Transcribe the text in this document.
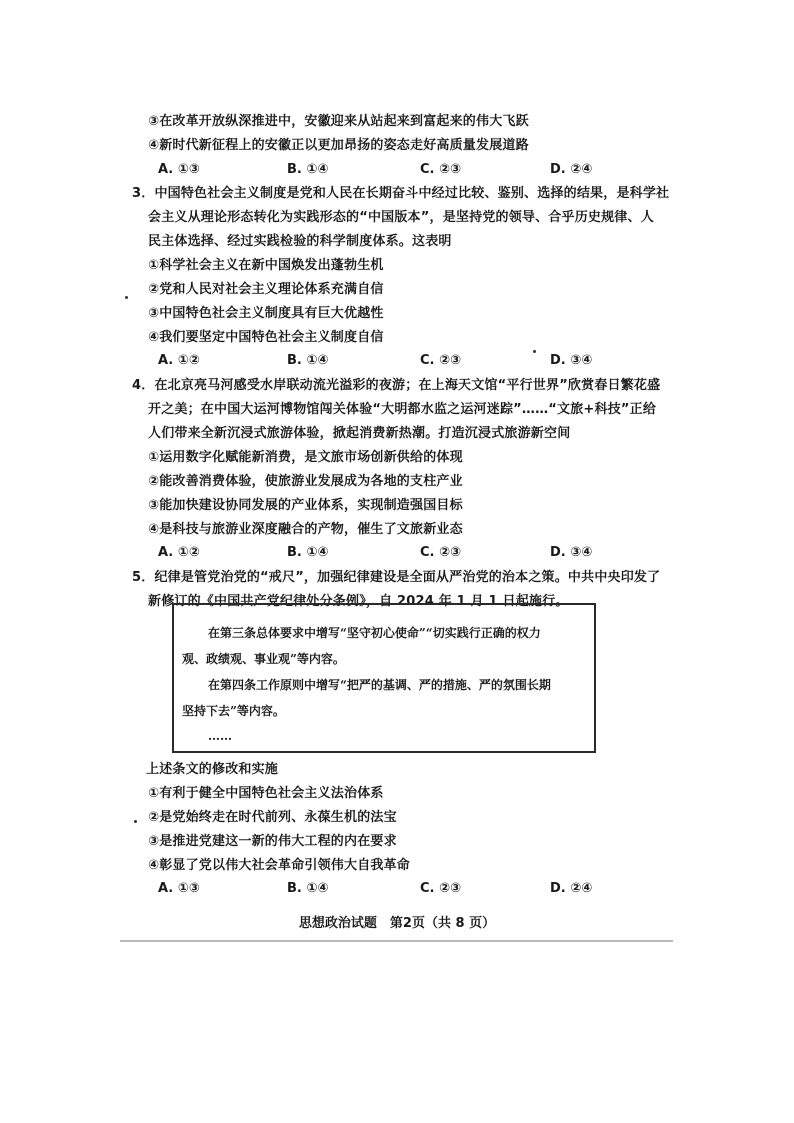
③在改革开放纵深推进中，安徽迎来从站起来到富起来的伟大飞跃
④新时代新征程上的安徽正以更加昂扬的姿态走好高质量发展道路
A. ①③	B. ①④	C. ②③	D. ②④
3．中国特色社会主义制度是党和人民在长期奋斗中经过比较、鉴别、选择的结果，是科学社
会主义从理论形态转化为实践形态的“中国版本”，是坚持党的领导、合乎历史规律、人
民主体选择、经过实践检验的科学制度体系。这表明
①科学社会主义在新中国焕发出蓬勃生机
②党和人民对社会主义理论体系充满自信
③中国特色社会主义制度具有巨大优越性
④我们要坚定中国特色社会主义制度自信
A. ①②	B. ①④	C. ②③	D. ③④
4．在北京亮马河感受水岸联动流光溢彩的夜游；在上海天文馆“平行世界”欣赏春日繁花盛
开之美；在中国大运河博物馆闯关体验“大明都水监之运河迷踪”……“文旅+科技”正给
人们带来全新沉浸式旅游体验，掀起消费新热潮。打造沉浸式旅游新空间
①运用数字化赋能新消费，是文旅市场创新供给的体现
②能改善消费体验，使旅游业发展成为各地的支柱产业
③能加快建设协同发展的产业体系，实现制造强国目标
④是科技与旅游业深度融合的产物，催生了文旅新业态
A. ①②	B. ①④	C. ②③	D. ③④
5．纪律是管党治党的“戒尺”，加强纪律建设是全面从严治党的治本之策。中共中央印发了
新修订的《中国共产党纪律处分条例》，自 2024 年 1 月 1 日起施行。
在第三条总体要求中增写“坚守初心使命”“切实践行正确的权力
观、政绩观、事业观”等内容。
在第四条工作原则中增写“把严的基调、严的措施、严的氛围长期
坚持下去”等内容。
……
上述条文的修改和实施
①有利于健全中国特色社会主义法治体系
②是党始终走在时代前列、永葆生机的法宝
③是推进党建这一新的伟大工程的内在要求
④彰显了党以伟大社会革命引领伟大自我革命
A. ①③	B. ①④	C. ②③	D. ②④
思想政治试题　第2页（共 8 页）
